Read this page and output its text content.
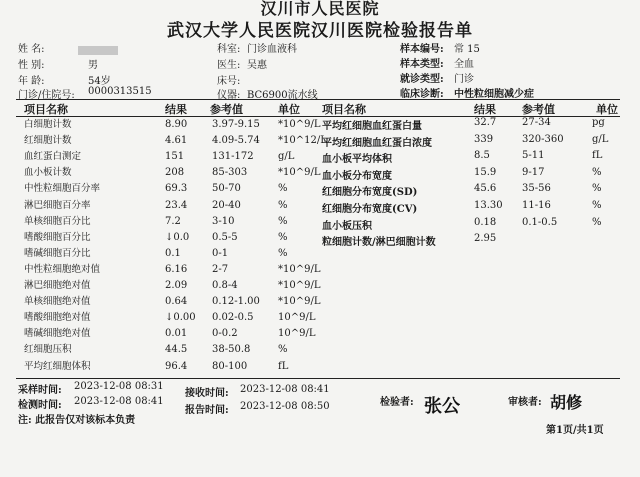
汉川市人民医院
武汉大学人民医院汉川医院检验报告单
姓 名:
性 别:	男
年 龄:	54岁
门诊/住院号: 0000313515
科室: 门诊血液科
医生: 吴惠
床号:
仪器: BC6900流水线
样本编号: 常 15
样本类型: 全血
就诊类型: 门诊
临床诊断: 中性粒细胞减少症
项目名称	结果 参考值	单位 项目名称	结果 参考值	单位
白细胞计数	8.90 3.97-9.15 *10^9/L
红细胞计数	4.61 4.09-5.74 *10^12/L
血红蛋白测定	151	131-172 g/L
血小板计数	208	85-303	*10^9/L
中性粒细胞百分率	69.3 50-70	%
淋巴细胞百分率	23.4 20-40	%
单核细胞百分比	7.2	3-10	%
嗜酸细胞百分比	↓0.0 0.5-5	%
嗜碱细胞百分比	0.1	0-1	%
中性粒细胞绝对值	6.16 2-7	*10^9/L
淋巴细胞绝对值	2.09 0.8-4	*10^9/L
单核细胞绝对值	0.64 0.12-1.00 *10^9/L
嗜酸细胞绝对值	↓0.00 0.02-0.5 10^9/L
嗜碱细胞绝对值	0.01 0-0.2	10^9/L
红细胞压积	44.5 38-50.8	%
平均红细胞体积	96.4 80-100	fL
平均红细胞血红蛋白量	32.7	27-34	pg
平均红细胞血红蛋白浓度	339	320-360	g/L
血小板平均体积	8.5	5-11	fL
血小板分布宽度	15.9	9-17	%
红细胞分布宽度(SD)	45.6	35-56	%
红细胞分布宽度(CV)	13.30 11-16	%
血小板压积	0.18	0.1-0.5	%
粒细胞计数/淋巴细胞计数	2.95
采样时间: 2023-12-08 08:31
接收时间: 2023-12-08 08:41
检测时间: 2023-12-08 08:41
报告时间: 2023-12-08 08:50
注: 此报告仅对该标本负责
检验者: 张公	审核者: 胡修
第1页/共1页
